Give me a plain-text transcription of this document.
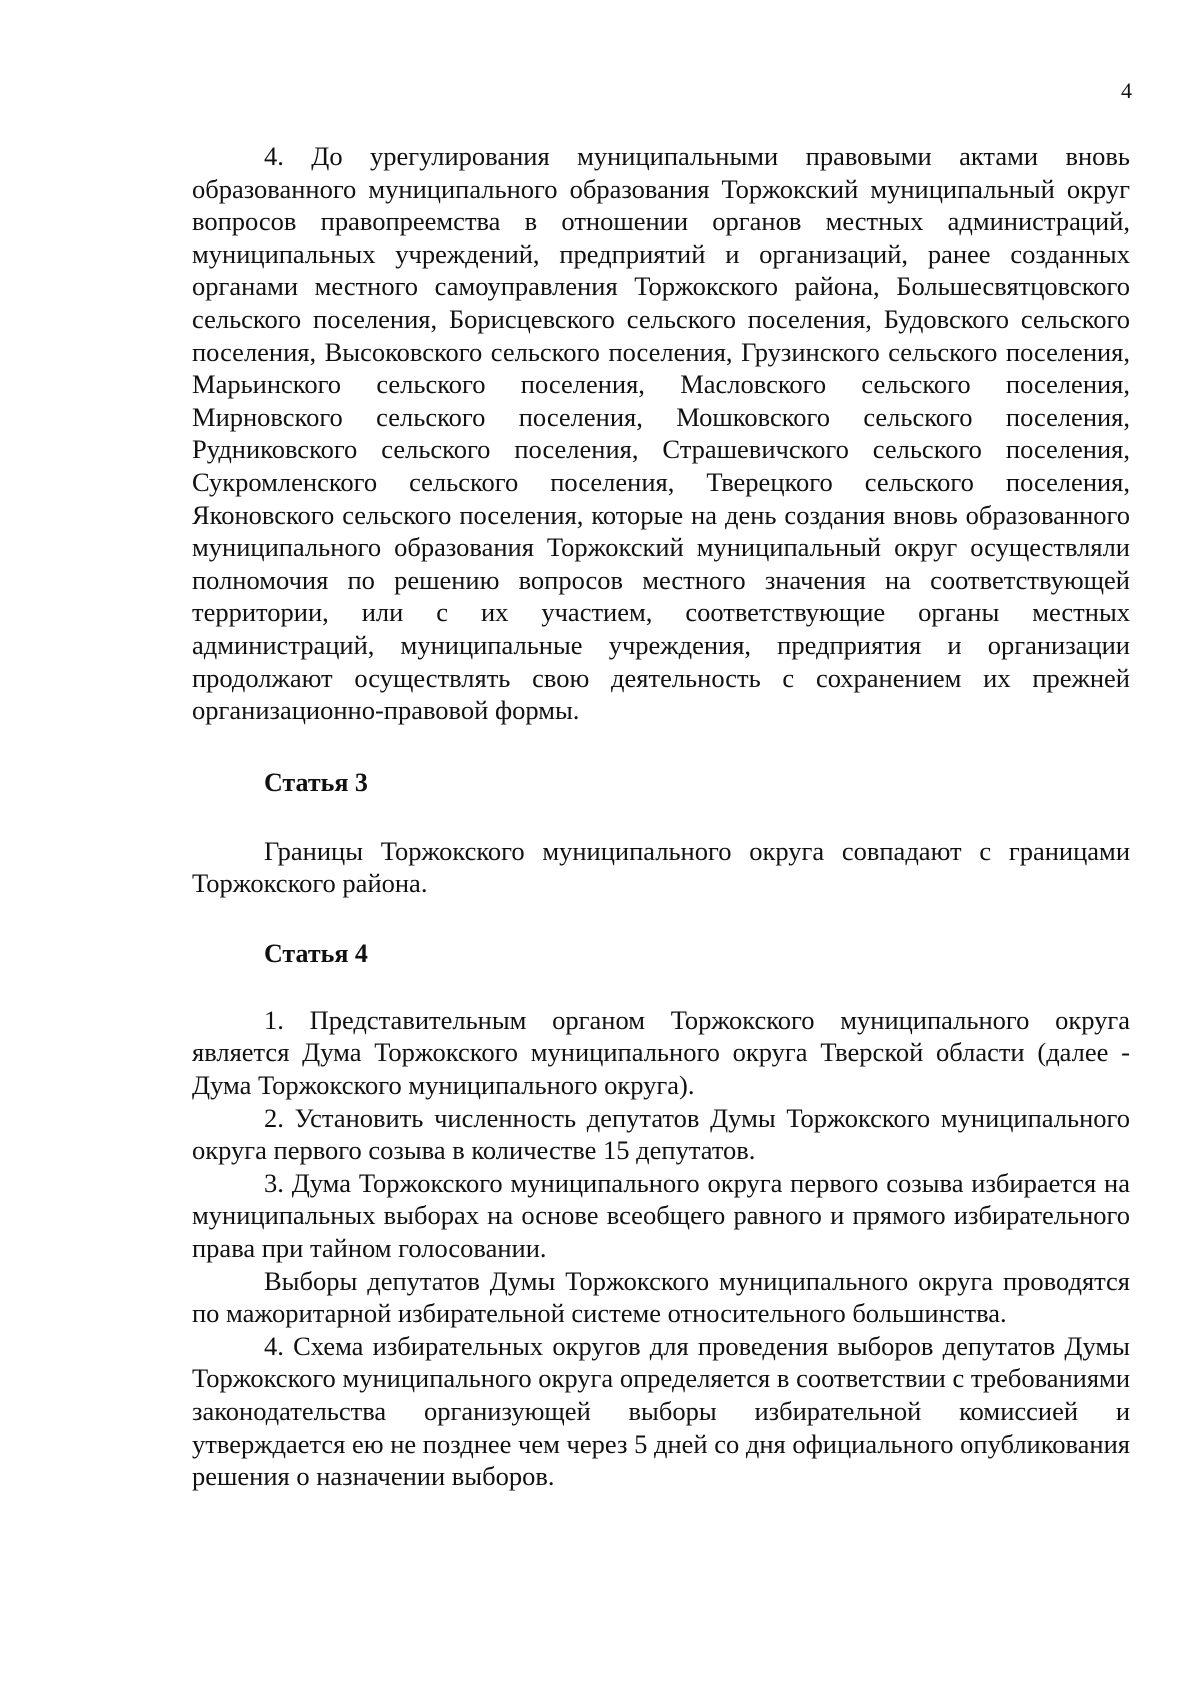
4

4. До урегулирования муниципальными правовыми актами вновь образованного муниципального образования Торжокский муниципальный округ вопросов правопреемства в отношении органов местных администраций, муниципальных учреждений, предприятий и организаций, ранее созданных органами местного самоуправления Торжокского района, Большесвятцовского сельского поселения, Борисцевского сельского поселения, Будовского сельского поселения, Высоковского сельского поселения, Грузинского сельского поселения, Марьинского сельского поселения, Масловского сельского поселения, Мирновского сельского поселения, Мошковского сельского поселения, Рудниковского сельского поселения, Страшевичского сельского поселения, Сукромленского сельского поселения, Тверецкого сельского поселения, Яконовского сельского поселения, которые на день создания вновь образованного муниципального образования Торжокский муниципальный округ осуществляли полномочия по решению вопросов местного значения на соответствующей территории, или с их участием, соответствующие органы местных администраций, муниципальные учреждения, предприятия и организации продолжают осуществлять свою деятельность с сохранением их прежней организационно-правовой формы.

Статья 3

Границы Торжокского муниципального округа совпадают с границами Торжокского района.

Статья 4

1. Представительным органом Торжокского муниципального округа является Дума Торжокского муниципального округа Тверской области (далее - Дума Торжокского муниципального округа).

2. Установить численность депутатов Думы Торжокского муниципального округа первого созыва в количестве 15 депутатов.

3. Дума Торжокского муниципального округа первого созыва избирается на муниципальных выборах на основе всеобщего равного и прямого избирательного права при тайном голосовании.

Выборы депутатов Думы Торжокского муниципального округа проводятся по мажоритарной избирательной системе относительного большинства.

4. Схема избирательных округов для проведения выборов депутатов Думы Торжокского муниципального округа определяется в соответствии с требованиями законодательства организующей выборы избирательной комиссией и утверждается ею не позднее чем через 5 дней со дня официального опубликования решения о назначении выборов.
